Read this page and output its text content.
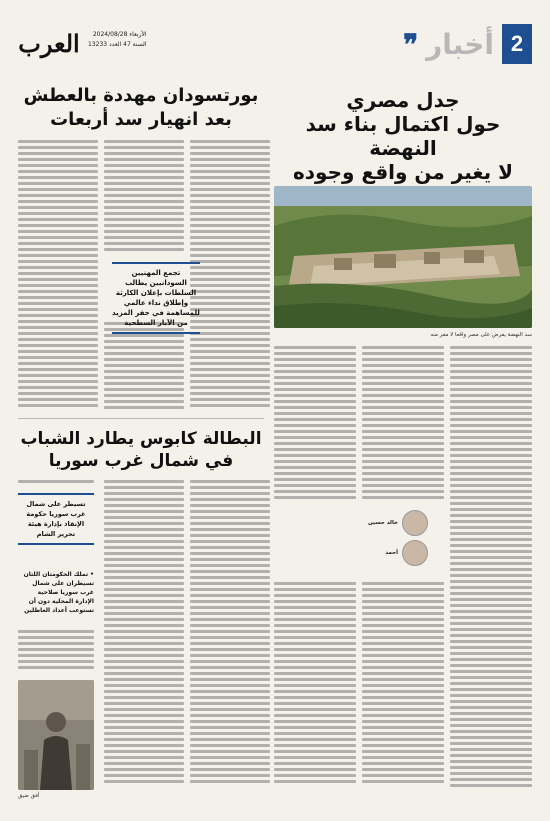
العرب	الأربعاء 2024/08/28
السنة 47 العدد 13233	2
أخبار
❞
جدل مصري
حول اكتمال بناء سد النهضة
لا يغير من واقع وجوده
بورتسودان مهددة بالعطش
بعد انهيار سد أربعات
سد النهضة يفرض على مصر واقعا لا مفر منه
تجمع المهنيين السودانيين يطالب السلطات بإعلان الكارثة وإطلاق نداء عالمي للمساهمة في حفر المزيد من الآبار السطحية
خالد حسين
أحمد
البطالة كابوس يطارد الشباب
في شمال غرب سوريا
تسيطر على شمال غرب سوريا حكومة الإنقاذ بإدارة هيئة تحرير الشام
• تملك الحكومتان اللتان تسيطران على شمال غرب سوريا صلاحية الإدارة المحلية دون أن تستوعب أعداد العاطلين
أفق ضيق
